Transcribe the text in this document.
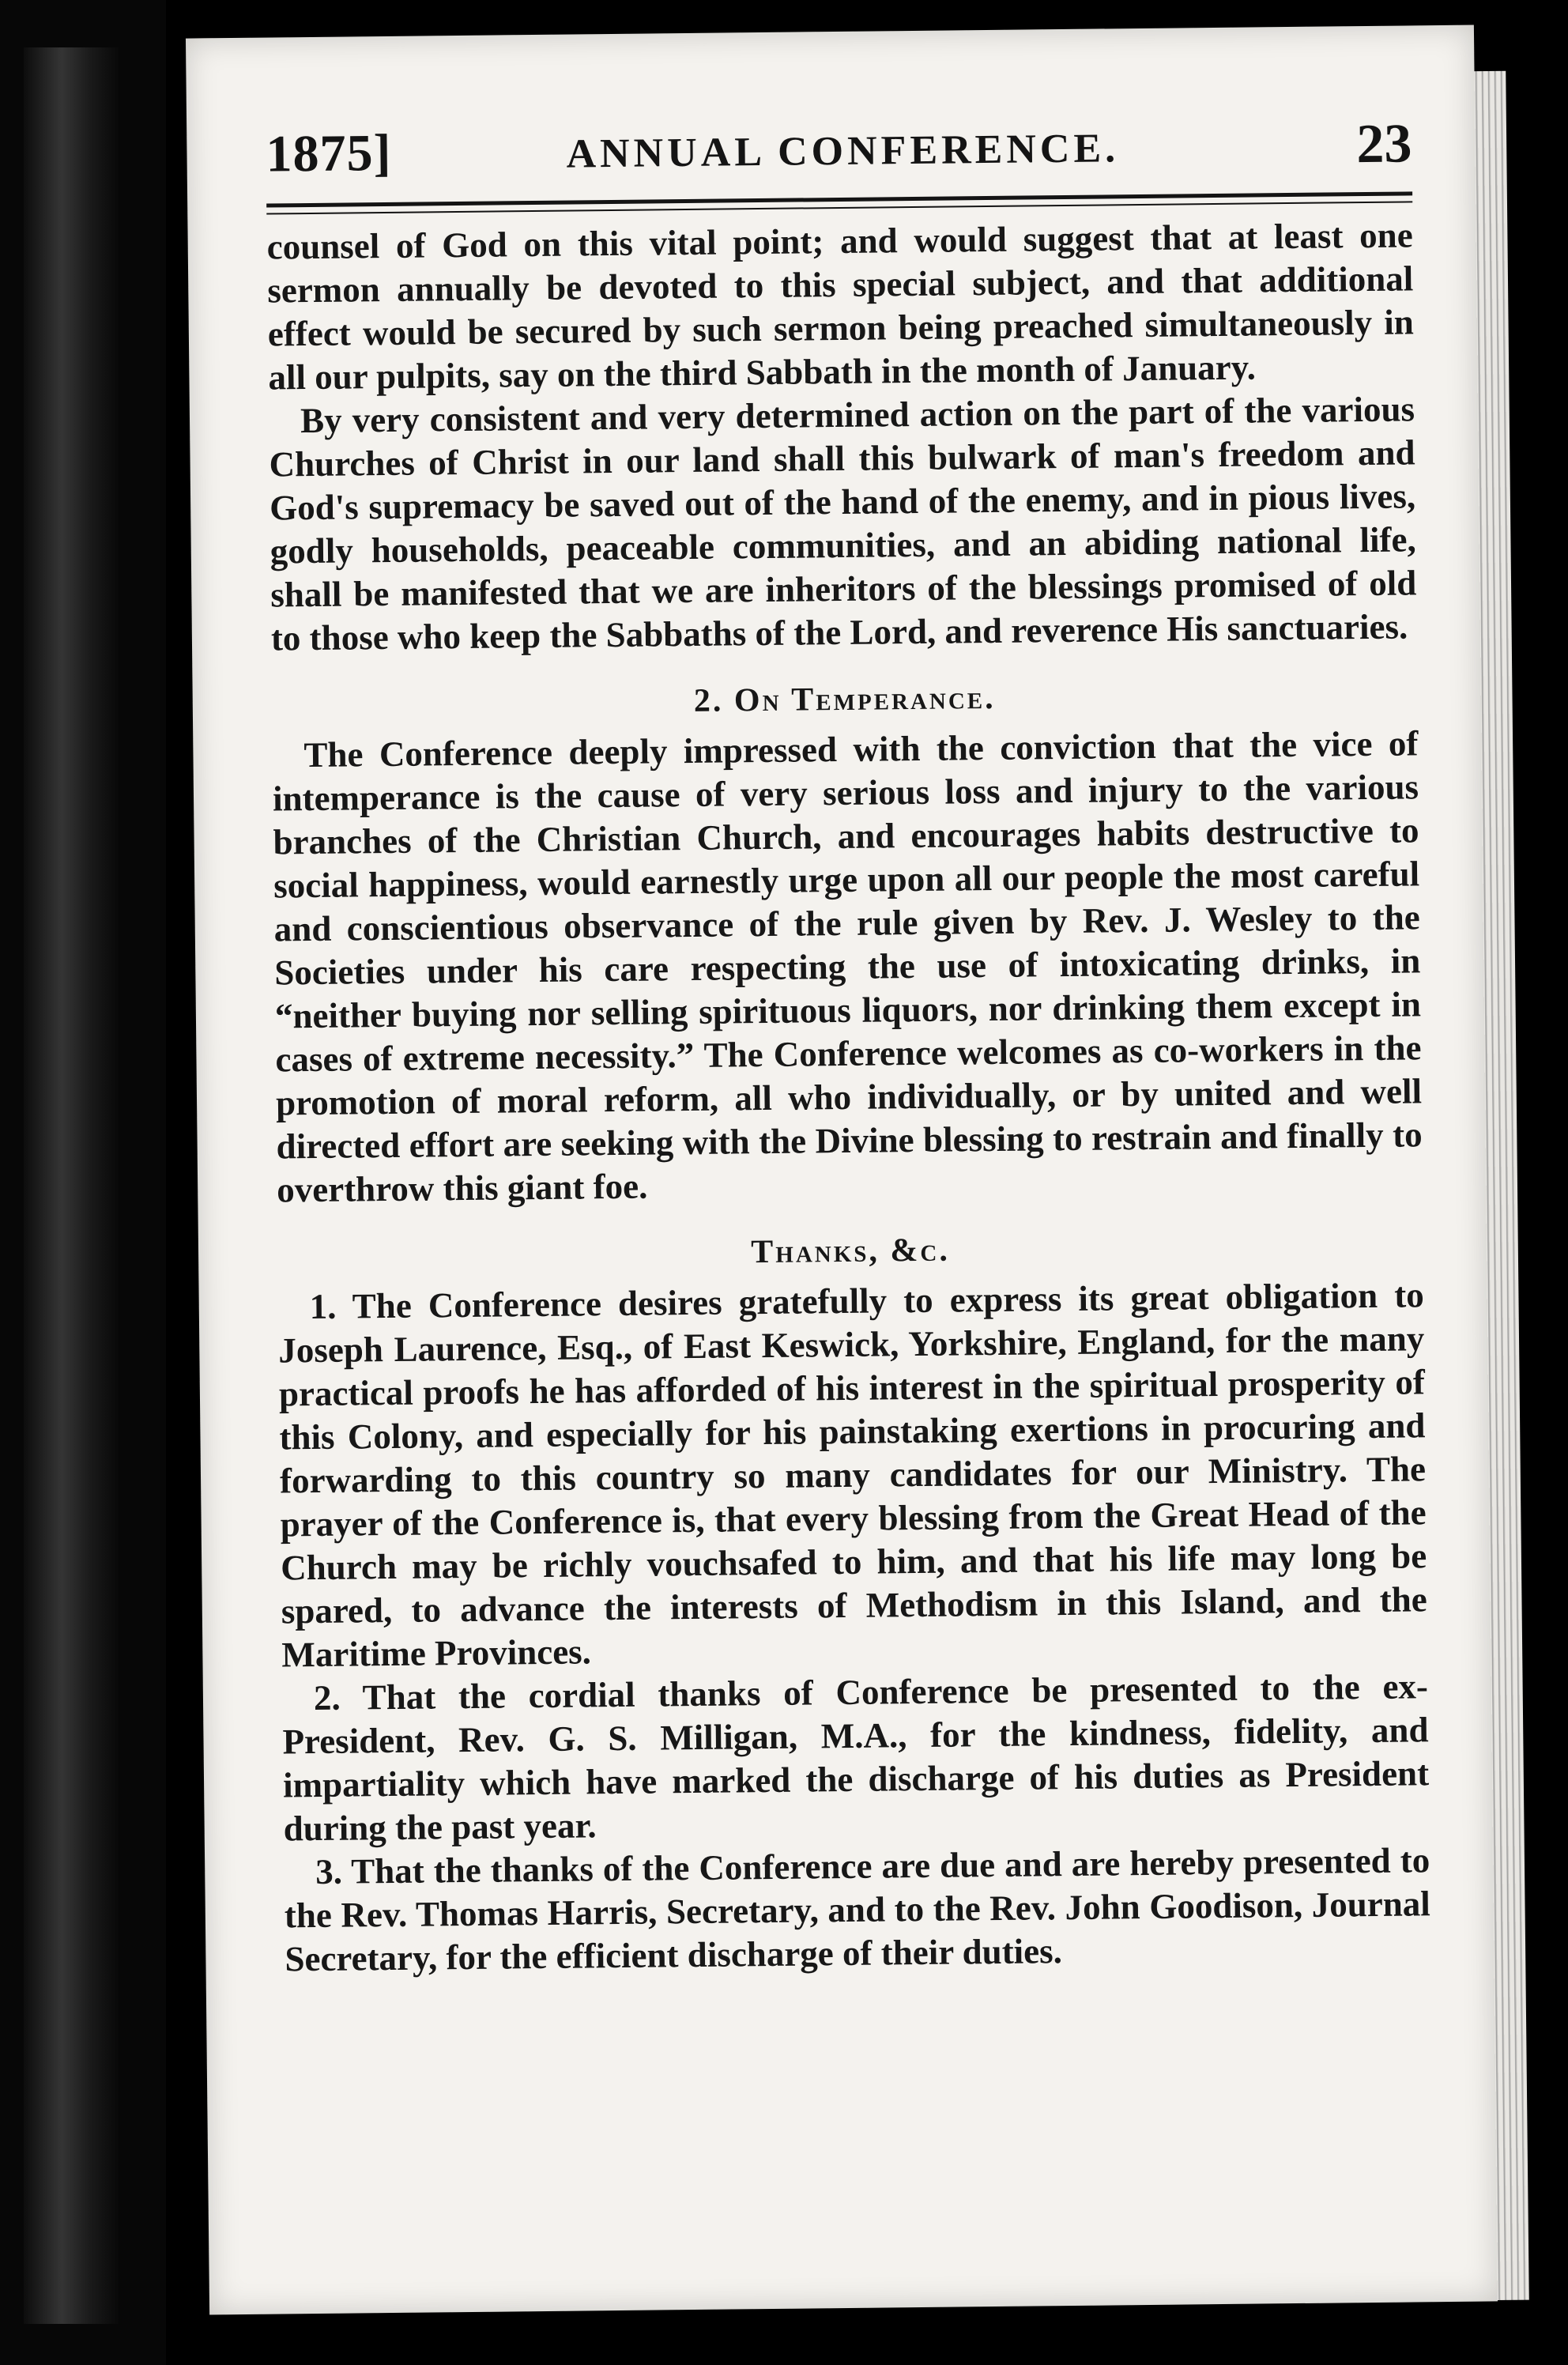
1875]	ANNUAL CONFERENCE.	23

counsel of God on this vital point; and would suggest that at least one sermon annually be devoted to this special subject, and that additional effect would be secured by such sermon being preached simultaneously in all our pulpits, say on the third Sabbath in the month of January.

By very consistent and very determined action on the part of the various Churches of Christ in our land shall this bulwark of man's freedom and God's supremacy be saved out of the hand of the enemy, and in pious lives, godly households, peaceable communities, and an abiding national life, shall be manifested that we are inheritors of the blessings promised of old to those who keep the Sabbaths of the Lord, and reverence His sanctuaries.

2. On Temperance.

The Conference deeply impressed with the conviction that the vice of intemperance is the cause of very serious loss and injury to the various branches of the Christian Church, and encourages habits destructive to social happiness, would earnestly urge upon all our people the most careful and conscientious observance of the rule given by Rev. J. Wesley to the Societies under his care respecting the use of intoxicating drinks, in “neither buying nor selling spirituous liquors, nor drinking them except in cases of extreme necessity.” The Conference welcomes as co-workers in the promotion of moral reform, all who individually, or by united and well directed effort are seeking with the Divine blessing to restrain and finally to overthrow this giant foe.

Thanks, &c.

1. The Conference desires gratefully to express its great obligation to Joseph Laurence, Esq., of East Keswick, Yorkshire, England, for the many practical proofs he has afforded of his interest in the spiritual prosperity of this Colony, and especially for his painstaking exertions in procuring and forwarding to this country so many candidates for our Ministry. The prayer of the Conference is, that every blessing from the Great Head of the Church may be richly vouchsafed to him, and that his life may long be spared, to advance the interests of Methodism in this Island, and the Maritime Provinces.

2. That the cordial thanks of Conference be presented to the ex-President, Rev. G. S. Milligan, M.A., for the kindness, fidelity, and impartiality which have marked the discharge of his duties as President during the past year.

3. That the thanks of the Conference are due and are hereby presented to the Rev. Thomas Harris, Secretary, and to the Rev. John Goodison, Journal Secretary, for the efficient discharge of their duties.
